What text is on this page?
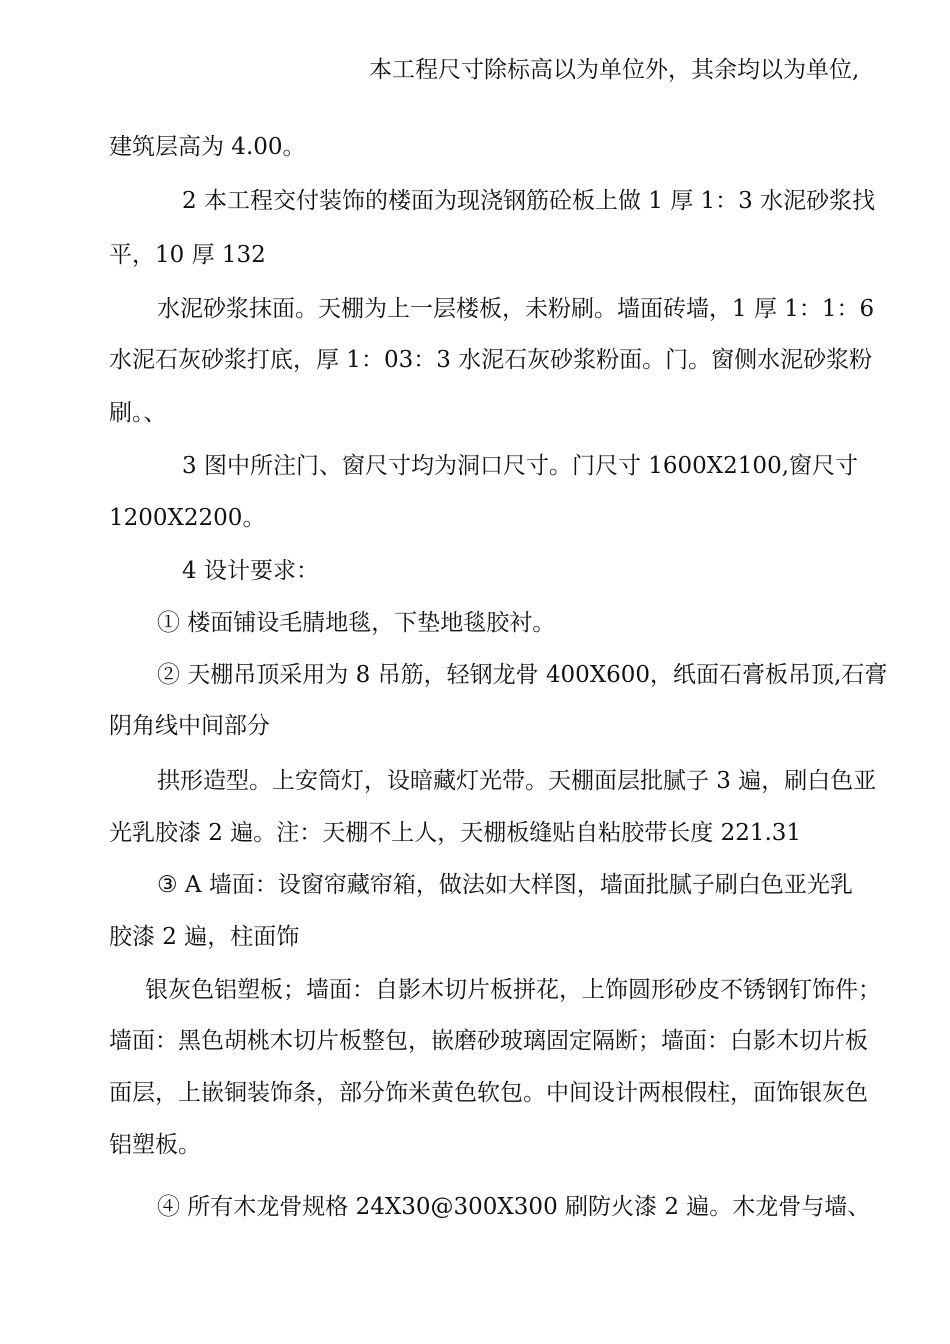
本工程尺寸除标高以为单位外，其余均以为单位,
建筑层高为 4.00。
2 本工程交付装饰的楼面为现浇钢筋砼板上做 1 厚 1：3 水泥砂浆找
平，10 厚 132
水泥砂浆抹面。天棚为上一层楼板，未粉刷。墙面砖墙，1 厚 1：1：6
水泥石灰砂浆打底，厚 1：03：3 水泥石灰砂浆粉面。门。窗侧水泥砂浆粉
刷。、
3 图中所注门、窗尺寸均为洞口尺寸。门尺寸 1600X2100,窗尺寸
1200X2200。
4 设计要求：
① 楼面铺设毛腈地毯，下垫地毯胶衬。
② 天棚吊顶采用为 8 吊筋，轻钢龙骨 400X600，纸面石膏板吊顶,石膏
阴角线中间部分
拱形造型。上安筒灯，设暗藏灯光带。天棚面层批腻子 3 遍，刷白色亚
光乳胶漆 2 遍。注：天棚不上人，天棚板缝贴自粘胶带长度 221.31
③ A 墙面：设窗帘藏帘箱，做法如大样图，墙面批腻子刷白色亚光乳
胶漆 2 遍，柱面饰
银灰色铝塑板；墙面：自影木切片板拼花，上饰圆形砂皮不锈钢钉饰件；
墙面：黑色胡桃木切片板整包，嵌磨砂玻璃固定隔断；墙面：白影木切片板
面层，上嵌铜装饰条，部分饰米黄色软包。中间设计两根假柱，面饰银灰色
铝塑板。
④ 所有木龙骨规格 24X30@300X300 刷防火漆 2 遍。木龙骨与墙、
